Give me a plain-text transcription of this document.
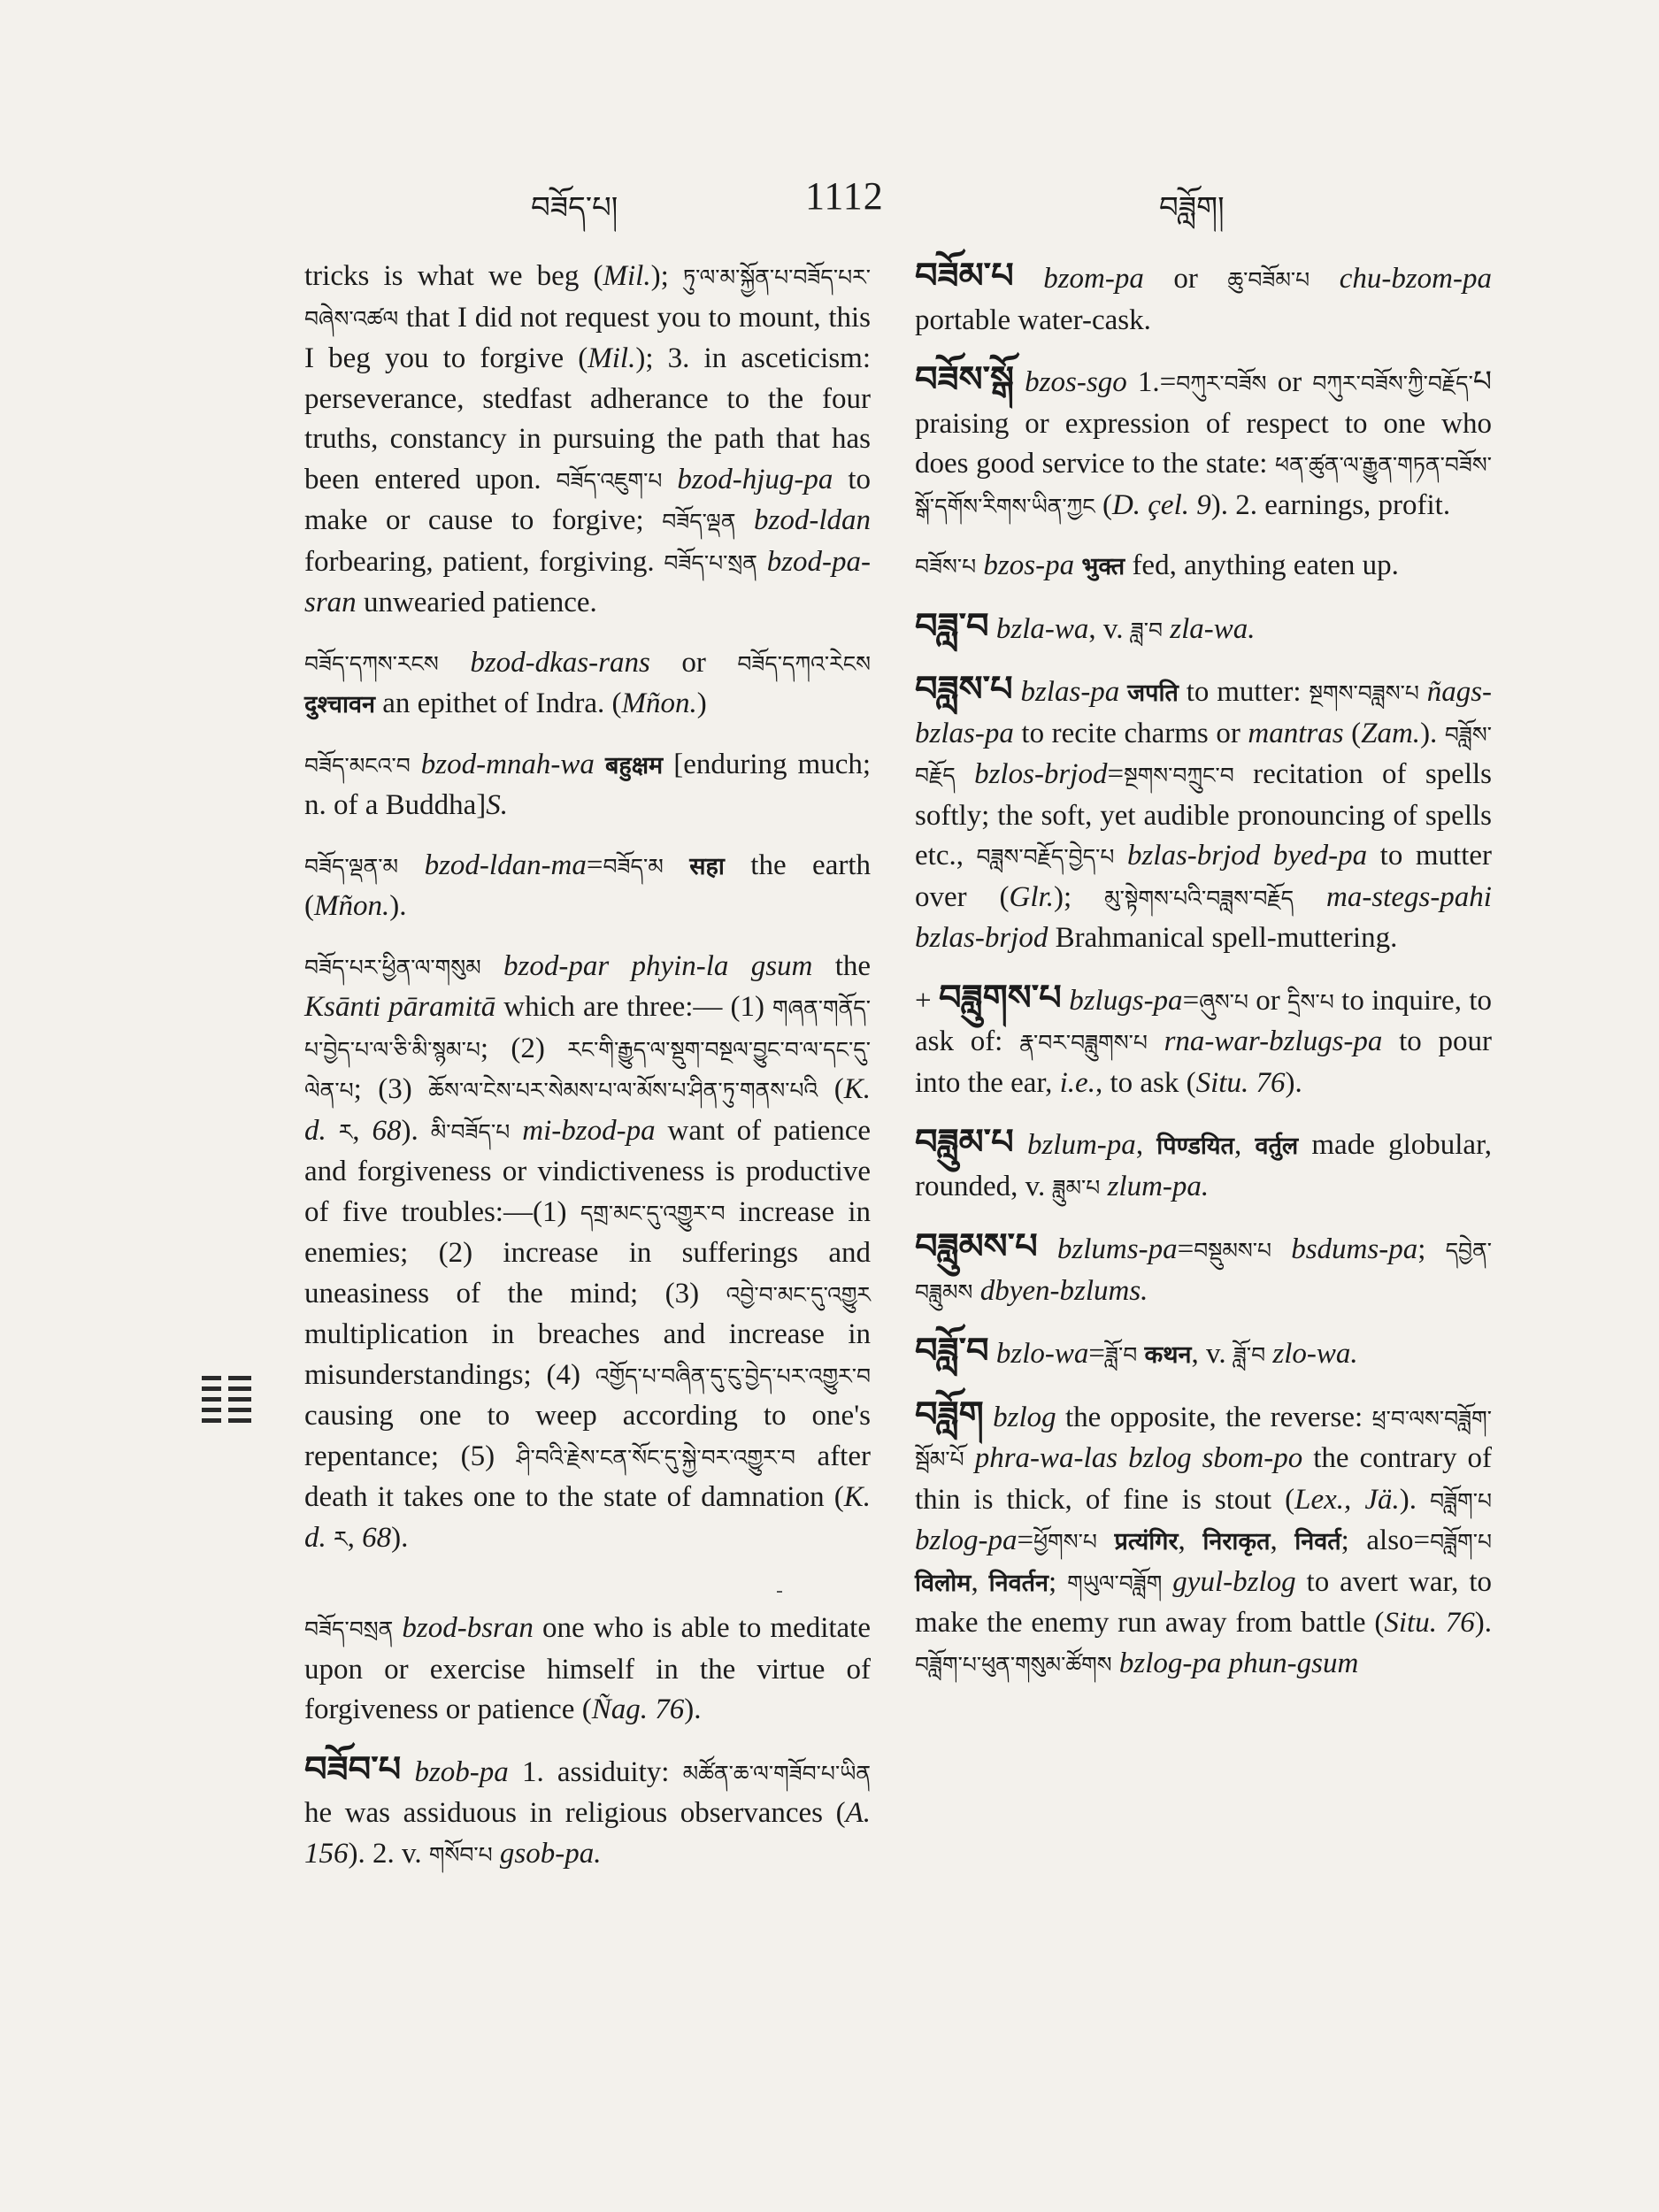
བཟོད་པ།	1112	བཟློག།

tricks is what we beg (Mil.); ཏུ་ལ་མ་སྐྱོན་པ་བཟོད་པར་བཞེས་འཚལ that I did not request you to mount, this I beg you to forgive (Mil.); 3. in asceticism: perseverance, stedfast adherance to the four truths, constancy in pursuing the path that has been entered upon. བཟོད་འཇུག་པ bzod-hjug-pa to make or cause to forgive; བཟོད་ལྡན bzod-ldan forbearing, patient, forgiving. བཟོད་པ་སྲན bzod-pa-sran unwearied patience.

བཟོད་དཀས་རངས bzod-dkas-rans or བཟོད་དཀའ་རེངས दुश्चावन an epithet of Indra. (Mñon.)

བཟོད་མངའ་བ bzod-mnah-wa बहुक्षम [enduring much; n. of a Buddha]S.

བཟོད་ལྡན་མ bzod-ldan-ma=བཟོད་མ सहा the earth (Mñon.).

བཟོད་པར་ཕྱིན་ལ་གསུམ bzod-par phyin-la gsum the Ksānti pāramitā which are three:— (1) གཞན་གནོད་པ་བྱེད་པ་ལ་ཅི་མི་སྙམ་པ; (2) རང་གི་རྒྱུད་ལ་སྡུག་བསྔལ་བྱུང་བ་ལ་དང་དུ་ལེན་པ; (3) ཆོས་ལ་ངེས་པར་སེམས་པ་ལ་མོས་པ་ཤིན་ཏུ་གནས་པའི (K. d. ར, 68). མི་བཟོད་པ mi-bzod-pa want of patience and forgiveness or vindictiveness is productive of five troubles:—(1) དགྲ་མང་དུ་འགྱུར་བ increase in enemies; (2) increase in sufferings and uneasiness of the mind; (3) འབྱེ་བ་མང་དུ་འགྱུར multiplication in breaches and increase in misunderstandings; (4) འགྱོད་པ་བཞིན་དུ་ངུ་བྱེད་པར་འགྱུར་བ causing one to weep according to one's repentance; (5) ཤི་བའི་རྗེས་ངན་སོང་དུ་སྐྱེ་བར་འགྱུར་བ after death it takes one to the state of damnation (K. d. ར, 68).

བཟོད་བསྲན bzod-bsran one who is able to meditate upon or exercise himself in the virtue of forgiveness or patience (Ñag. 76).

བཟོབ་པ bzob-pa 1. assiduity: མཚོན་ཆ་ལ་གཟོབ་པ་ཡིན he was assiduous in religious observances (A. 156). 2. v. གསོབ་པ gsob-pa.

བཟོམ་པ bzom-pa or ཆུ་བཟོམ་པ chu-bzom-pa portable water-cask.

བཟོས་སྒོ bzos-sgo 1.=བཀུར་བཟོས or བཀུར་བཟོས་ཀྱི་བརྗོད་པ praising or expression of respect to one who does good service to the state: ཕན་ཚུན་ལ་རྒྱུན་གཏན་བཟོས་སྒོ་དགོས་རིགས་ཡིན་ཀྱང (D. çel. 9). 2. earnings, profit.

བཟོས་པ bzos-pa भुक्त fed, anything eaten up.

བཟླ་བ bzla-wa, v. ཟླ་བ zla-wa.

བཟླས་པ bzlas-pa जपति to mutter: སྔགས་བཟླས་པ ñags-bzlas-pa to recite charms or mantras (Zam.). བཟློས་བརྗོད bzlos-brjod=སྔགས་བཀྲུང་བ recitation of spells softly; the soft, yet audible pronouncing of spells etc., བཟླས་བརྗོད་བྱེད་པ bzlas-brjod byed-pa to mutter over (Glr.); མུ་སྟེགས་པའི་བཟླས་བརྗོད ma-stegs-pahi bzlas-brjod Brahmanical spell-muttering.

+ བཟླུགས་པ bzlugs-pa=ཞུས་པ or དྲིས་པ to inquire, to ask of: རྣ་བར་བཟླུགས་པ rna-war-bzlugs-pa to pour into the ear, i.e., to ask (Situ. 76).

བཟླུམ་པ bzlum-pa, पिण्डयित, वर्तुल made globular, rounded, v. ཟླུམ་པ zlum-pa.

བཟླུམས་པ bzlums-pa=བསྡུམས་པ bsdums-pa; དབྱེན་བཟླུམས dbyen-bzlums.

བཟློ་བ bzlo-wa=ཟློ་བ कथन, v. ཟློ་བ zlo-wa.

བཟློག bzlog the opposite, the reverse: ཕྲ་བ་ལས་བཟློག་སྦོམ་པོ phra-wa-las bzlog sbom-po the contrary of thin is thick, of fine is stout (Lex., Jä.). བཟློག་པ bzlog-pa=ཕྱོགས་པ प्रत्यंगिर, निराकृत, निवर्त; also=བཟློག་པ विलोम, निवर्तन; གཡུལ་བཟློག gyul-bzlog to avert war, to make the enemy run away from battle (Situ. 76). བཟློག་པ་ཕུན་གསུམ་ཚོགས bzlog-pa phun-gsum
